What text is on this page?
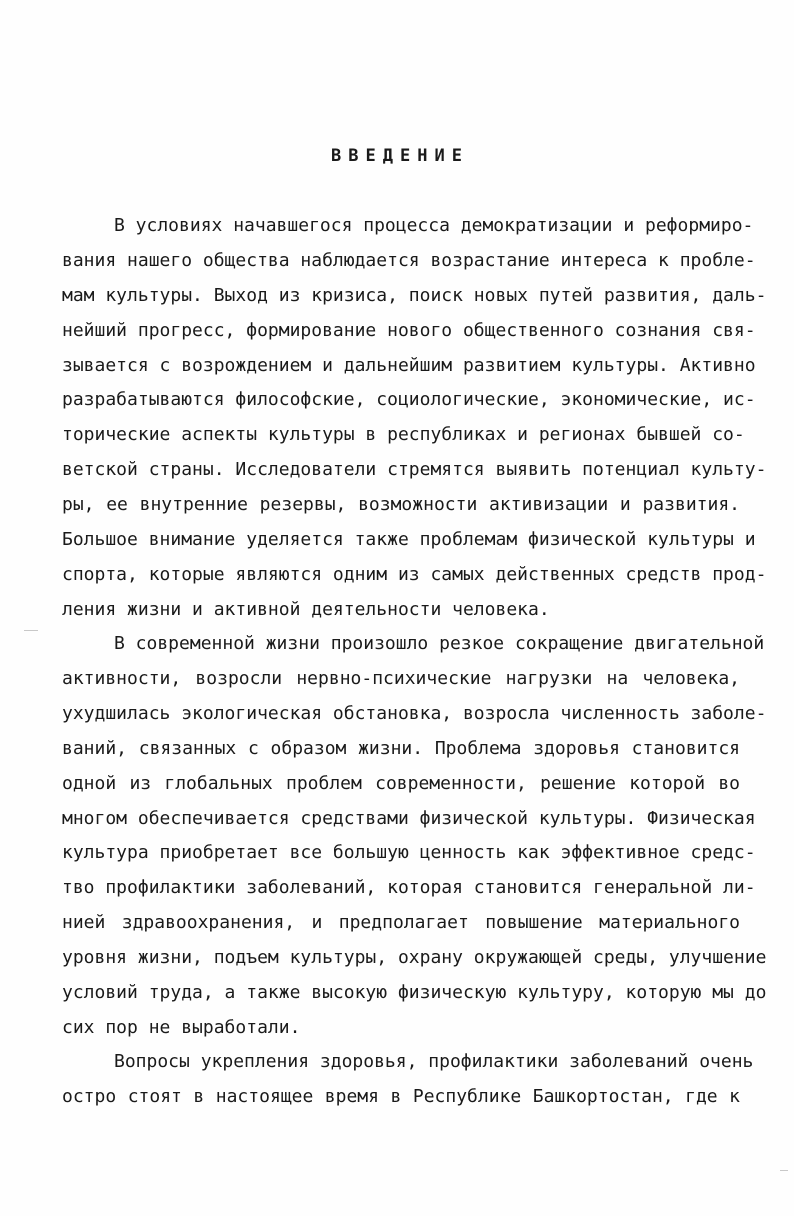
ВВЕДЕНИЕ
В условиях начавшегося процесса демократизации и реформиро-
вания нашего общества наблюдается возрастание интереса к пробле-
мам культуры. Выход из кризиса, поиск новых путей развития, даль-
нейший прогресс, формирование нового общественного сознания свя-
зывается с возрождением и дальнейшим развитием культуры. Активно
разрабатываются философские, социологические, экономические, ис-
торические аспекты культуры в республиках и регионах бывшей со-
ветской страны. Исследователи стремятся выявить потенциал культу-
ры, ее внутренние резервы, возможности активизации и развития.
Большое внимание уделяется также проблемам физической культуры и
спорта, которые являются одним из самых действенных средств прод-
ления жизни и активной деятельности человека.
В современной жизни произошло резкое сокращение двигательной
активности, возросли нервно-психические нагрузки на человека,
ухудшилась экологическая обстановка, возросла численность заболе-
ваний, связанных с образом жизни. Проблема здоровья становится
одной из глобальных проблем современности, решение которой во
многом обеспечивается средствами физической культуры. Физическая
культура приобретает все большую ценность как эффективное средс-
тво профилактики заболеваний, которая становится генеральной ли-
нией здравоохранения, и предполагает повышение материального
уровня жизни, подъем культуры, охрану окружающей среды, улучшение
условий труда, а также высокую физическую культуру, которую мы до
сих пор не выработали.
Вопросы укрепления здоровья, профилактики заболеваний очень
остро стоят в настоящее время в Республике Башкортостан, где к
